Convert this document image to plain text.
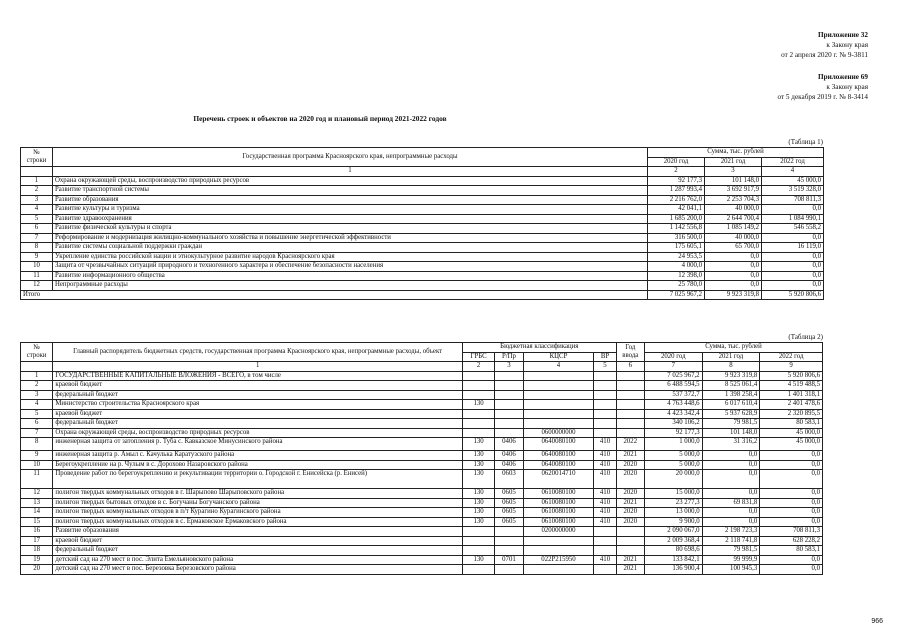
Приложение 32
к Закону края
от 2 апреля 2020 г. № 9-3811
Приложение 69
к Закону края
от 5 декабря 2019 г. № 8-3414
Перечень строек и объектов на 2020 год и плановый период 2021-2022 годов
(Таблица 1)
№ строки	Государственная программа Красноярского края, непрограммные расходы	Сумма, тыс. рублей		
		2020 год	2021 год	2022 год
	1	2	3	4
1	Охрана окружающей среды, воспроизводство природных ресурсов	92 177,3	101 148,0	45 000,0
2	Развитие транспортной системы	1 287 993,4	3 692 917,9	3 519 328,0
3	Развитие образования	2 216 762,0	2 253 704,3	708 811,3
4	Развитие культуры и туризма	42 041,1	40 000,0	0,0
5	Развитие здравоохранения	1 685 200,0	2 644 700,4	1 084 990,1
6	Развитие физической культуры и спорта	1 142 556,8	1 085 149,2	546 558,2
7	Реформирование и модернизация жилищно-коммунального хозяйства и повышение энергетической эффективности	316 500,0	40 000,0	0,0
8	Развитие системы социальной поддержки граждан	175 605,1	65 700,0	16 119,0
9	Укрепление единства российской нации и этнокультурное развитие народов Красноярского края	24 953,5	0,0	0,0
10	Защита от чрезвычайных ситуаций природного и техногенного характера и обеспечение безопасности населения	4 000,0	0,0	0,0
11	Развитие информационного общества	12 398,0	0,0	0,0
12	Непрограммные расходы	25 780,0	0,0	0,0
Итого		7 025 967,2	9 923 319,8	5 920 806,6
(Таблица 2)
№ строки	Главный распорядитель бюджетных средств, государственная программа Красноярского края, непрограммные расходы, объект	Бюджетная классификация				Год ввода	Сумма, тыс. рублей		
		ГРБС	Р/Пр	КЦСР	ВР		2020 год	2021 год	2022 год
	1	2	3	4	5	6	7	8	9
1	ГОСУДАРСТВЕННЫЕ КАПИТАЛЬНЫЕ ВЛОЖЕНИЯ - ВСЕГО, в том числе						7 025 967,2	9 923 319,8	5 920 806,6
2	краевой бюджет						6 488 594,5	8 525 061,4	4 519 488,5
3	федеральный бюджет						537 372,7	1 398 258,4	1 401 318,1
4	Министерство строительства Красноярского края	130					4 763 448,6	6 017 610,4	2 401 478,6
5	краевой бюджет						4 423 342,4	5 937 628,9	2 320 895,5
6	федеральный бюджет						340 106,2	79 981,5	80 583,1
7	Охрана окружающей среды, воспроизводство природных ресурсов			0600000000			92 177,3	101 148,0	45 000,0
8	инженерная защита от затопления р. Туба с. Кавказское Минусинского района	130	0406	0640080100	410	2022	1 000,0	31 316,2	45 000,0
9	инженерная защита р. Амыл с. Качулька Каратузского района	130	0406	0640080100	410	2021	5 000,0	0,0	0,0
10	Берегоукрепление на р. Чулым в с. Дорохово Назаровского района	130	0406	0640080100	410	2020	5 000,0	0,0	0,0
11	Проведение работ по берегоукреплению и рекультивации территории о. Городской г. Енисейска (р. Енисей)	130	0603	0620014710	410	2020	20 000,0	0,0	0,0
12	полигон твердых коммунальных отходов в г. Шарыпово Шарыповского района	130	0605	0610080100	410	2020	15 000,0	0,0	0,0
13	полигон твердых бытовых отходов в с. Богучаны Богучанского района	130	0605	0610080100	410	2021	23 277,3	69 831,8	0,0
14	полигон твердых коммунальных отходов в п/т Курагино Курагинского района	130	0605	0610080100	410	2020	13 000,0	0,0	0,0
15	полигон твердых коммунальных отходов в с. Ермаковское Ермаковского района	130	0605	0610080100	410	2020	9 900,0	0,0	0,0
16	Развитие образования			0200000000			2 090 067,0	2 198 723,3	708 811,3
17	краевой бюджет						2 009 368,4	2 118 741,8	628 228,2
18	федеральный бюджет						80 698,6	79 981,5	80 583,1
19	детский сад на 270 мест в пос. Элита Емельяновского района	130	0701	022P215950	410	2021	133 842,1	99 999,9	0,0
20	детский сад на 270 мест в пос. Березовка Березовского района					2021	136 900,4	100 945,3	0,0
966
